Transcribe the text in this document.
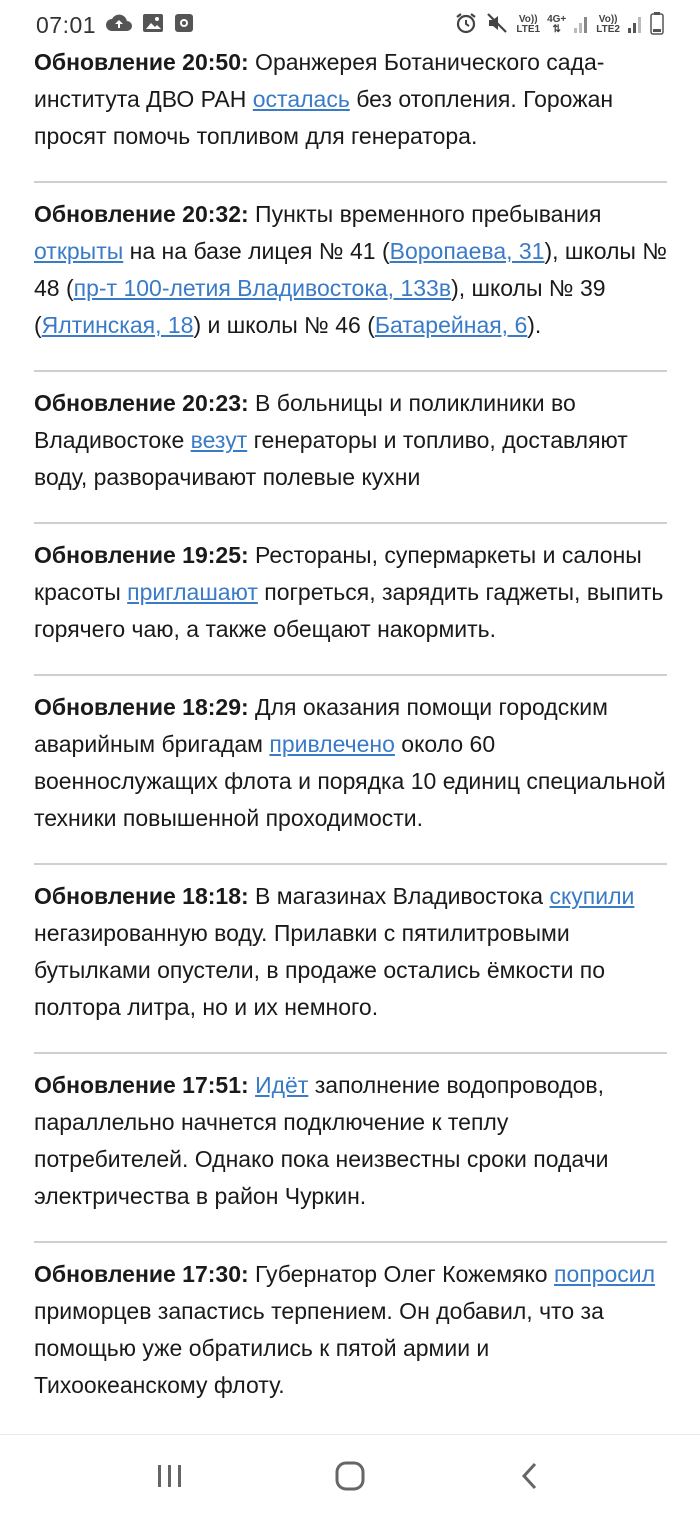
07:01	Vo))
LTE1
4G+
⇅
Vo))
LTE2

Обновление 20:50: Оранжерея Ботанического сада-института ДВО РАН осталась без отопления. Горожан просят помочь топливом для генератора.

Обновление 20:32: Пункты временного пребывания открыты на на базе лицея № 41 (Воропаева, 31), школы № 48 (пр-т 100-летия Владивостока, 133в), школы № 39 (Ялтинская, 18) и школы № 46 (Батарейная, 6).

Обновление 20:23: В больницы и поликлиники во Владивостоке везут генераторы и топливо, доставляют воду, разворачивают полевые кухни

Обновление 19:25: Рестораны, супермаркеты и салоны красоты приглашают погреться, зарядить гаджеты, выпить горячего чаю, а также обещают накормить.

Обновление 18:29: Для оказания помощи городским аварийным бригадам привлечено около 60 военнослужащих флота и порядка 10 единиц специальной техники повышенной проходимости.

Обновление 18:18: В магазинах Владивостока скупили негазированную воду. Прилавки с пятилитровыми бутылками опустели, в продаже остались ёмкости по полтора литра, но и их немного.

Обновление 17:51: Идёт заполнение водопроводов, параллельно начнется подключение к теплу потребителей. Однако пока неизвестны сроки подачи электричества в район Чуркин.

Обновление 17:30: Губернатор Олег Кожемяко попросил приморцев запастись терпением. Он добавил, что за помощью уже обратились к пятой армии и Тихоокеанскому флоту.
